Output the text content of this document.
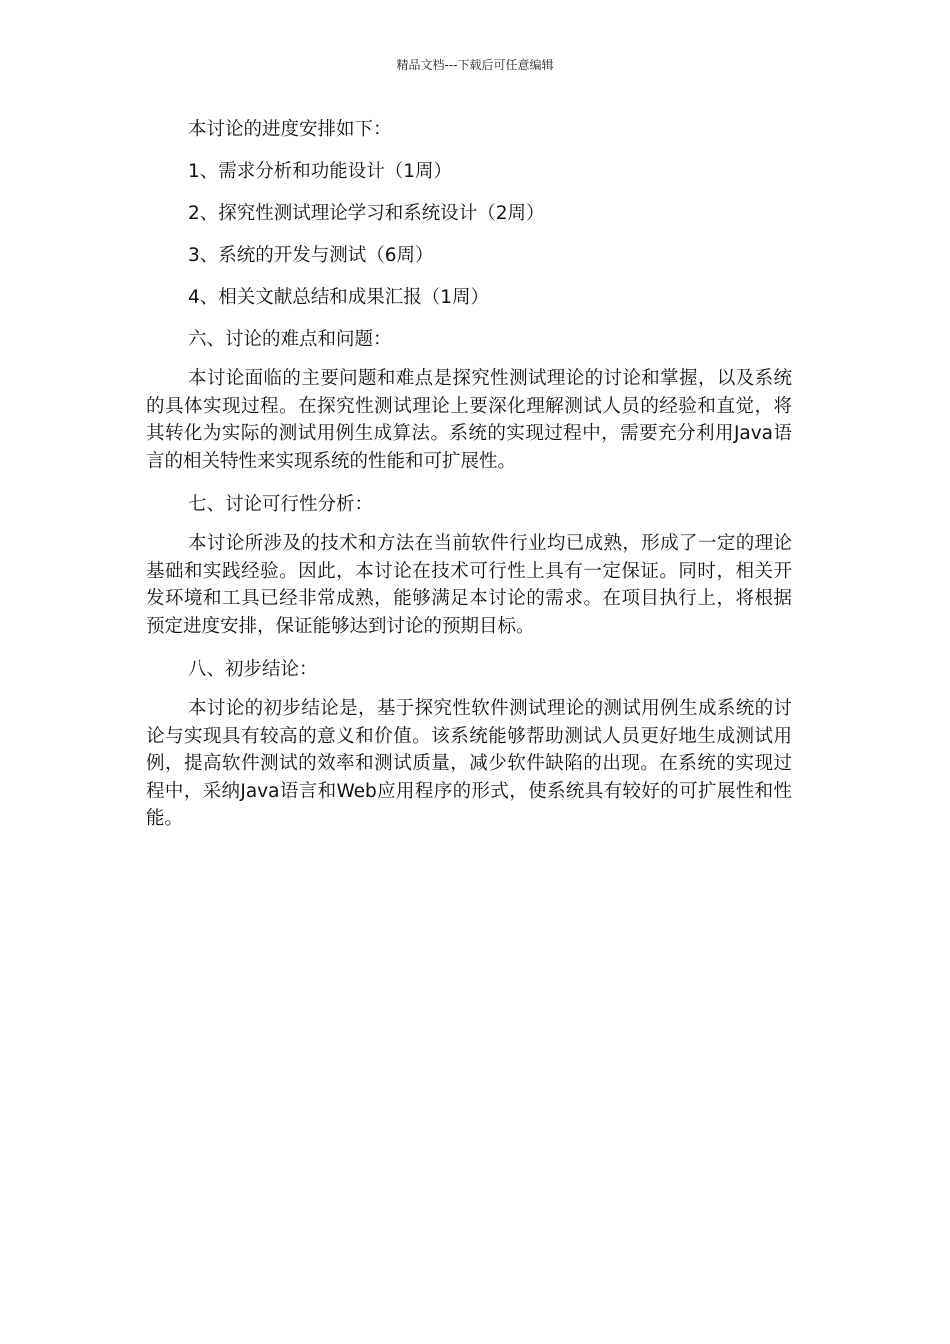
精品文档---下载后可任意编辑

本讨论的进度安排如下：

1、需求分析和功能设计（1周）

2、探究性测试理论学习和系统设计（2周）

3、系统的开发与测试（6周）

4、相关文献总结和成果汇报（1周）

六、讨论的难点和问题：

本讨论面临的主要问题和难点是探究性测试理论的讨论和掌握，以及系统的具体实现过程。在探究性测试理论上要深化理解测试人员的经验和直觉，将其转化为实际的测试用例生成算法。系统的实现过程中，需要充分利用Java语言的相关特性来实现系统的性能和可扩展性。

七、讨论可行性分析：

本讨论所涉及的技术和方法在当前软件行业均已成熟，形成了一定的理论基础和实践经验。因此，本讨论在技术可行性上具有一定保证。同时，相关开发环境和工具已经非常成熟，能够满足本讨论的需求。在项目执行上，将根据预定进度安排，保证能够达到讨论的预期目标。

八、初步结论：

本讨论的初步结论是，基于探究性软件测试理论的测试用例生成系统的讨论与实现具有较高的意义和价值。该系统能够帮助测试人员更好地生成测试用例，提高软件测试的效率和测试质量，减少软件缺陷的出现。在系统的实现过程中，采纳Java语言和Web应用程序的形式，使系统具有较好的可扩展性和性能。
